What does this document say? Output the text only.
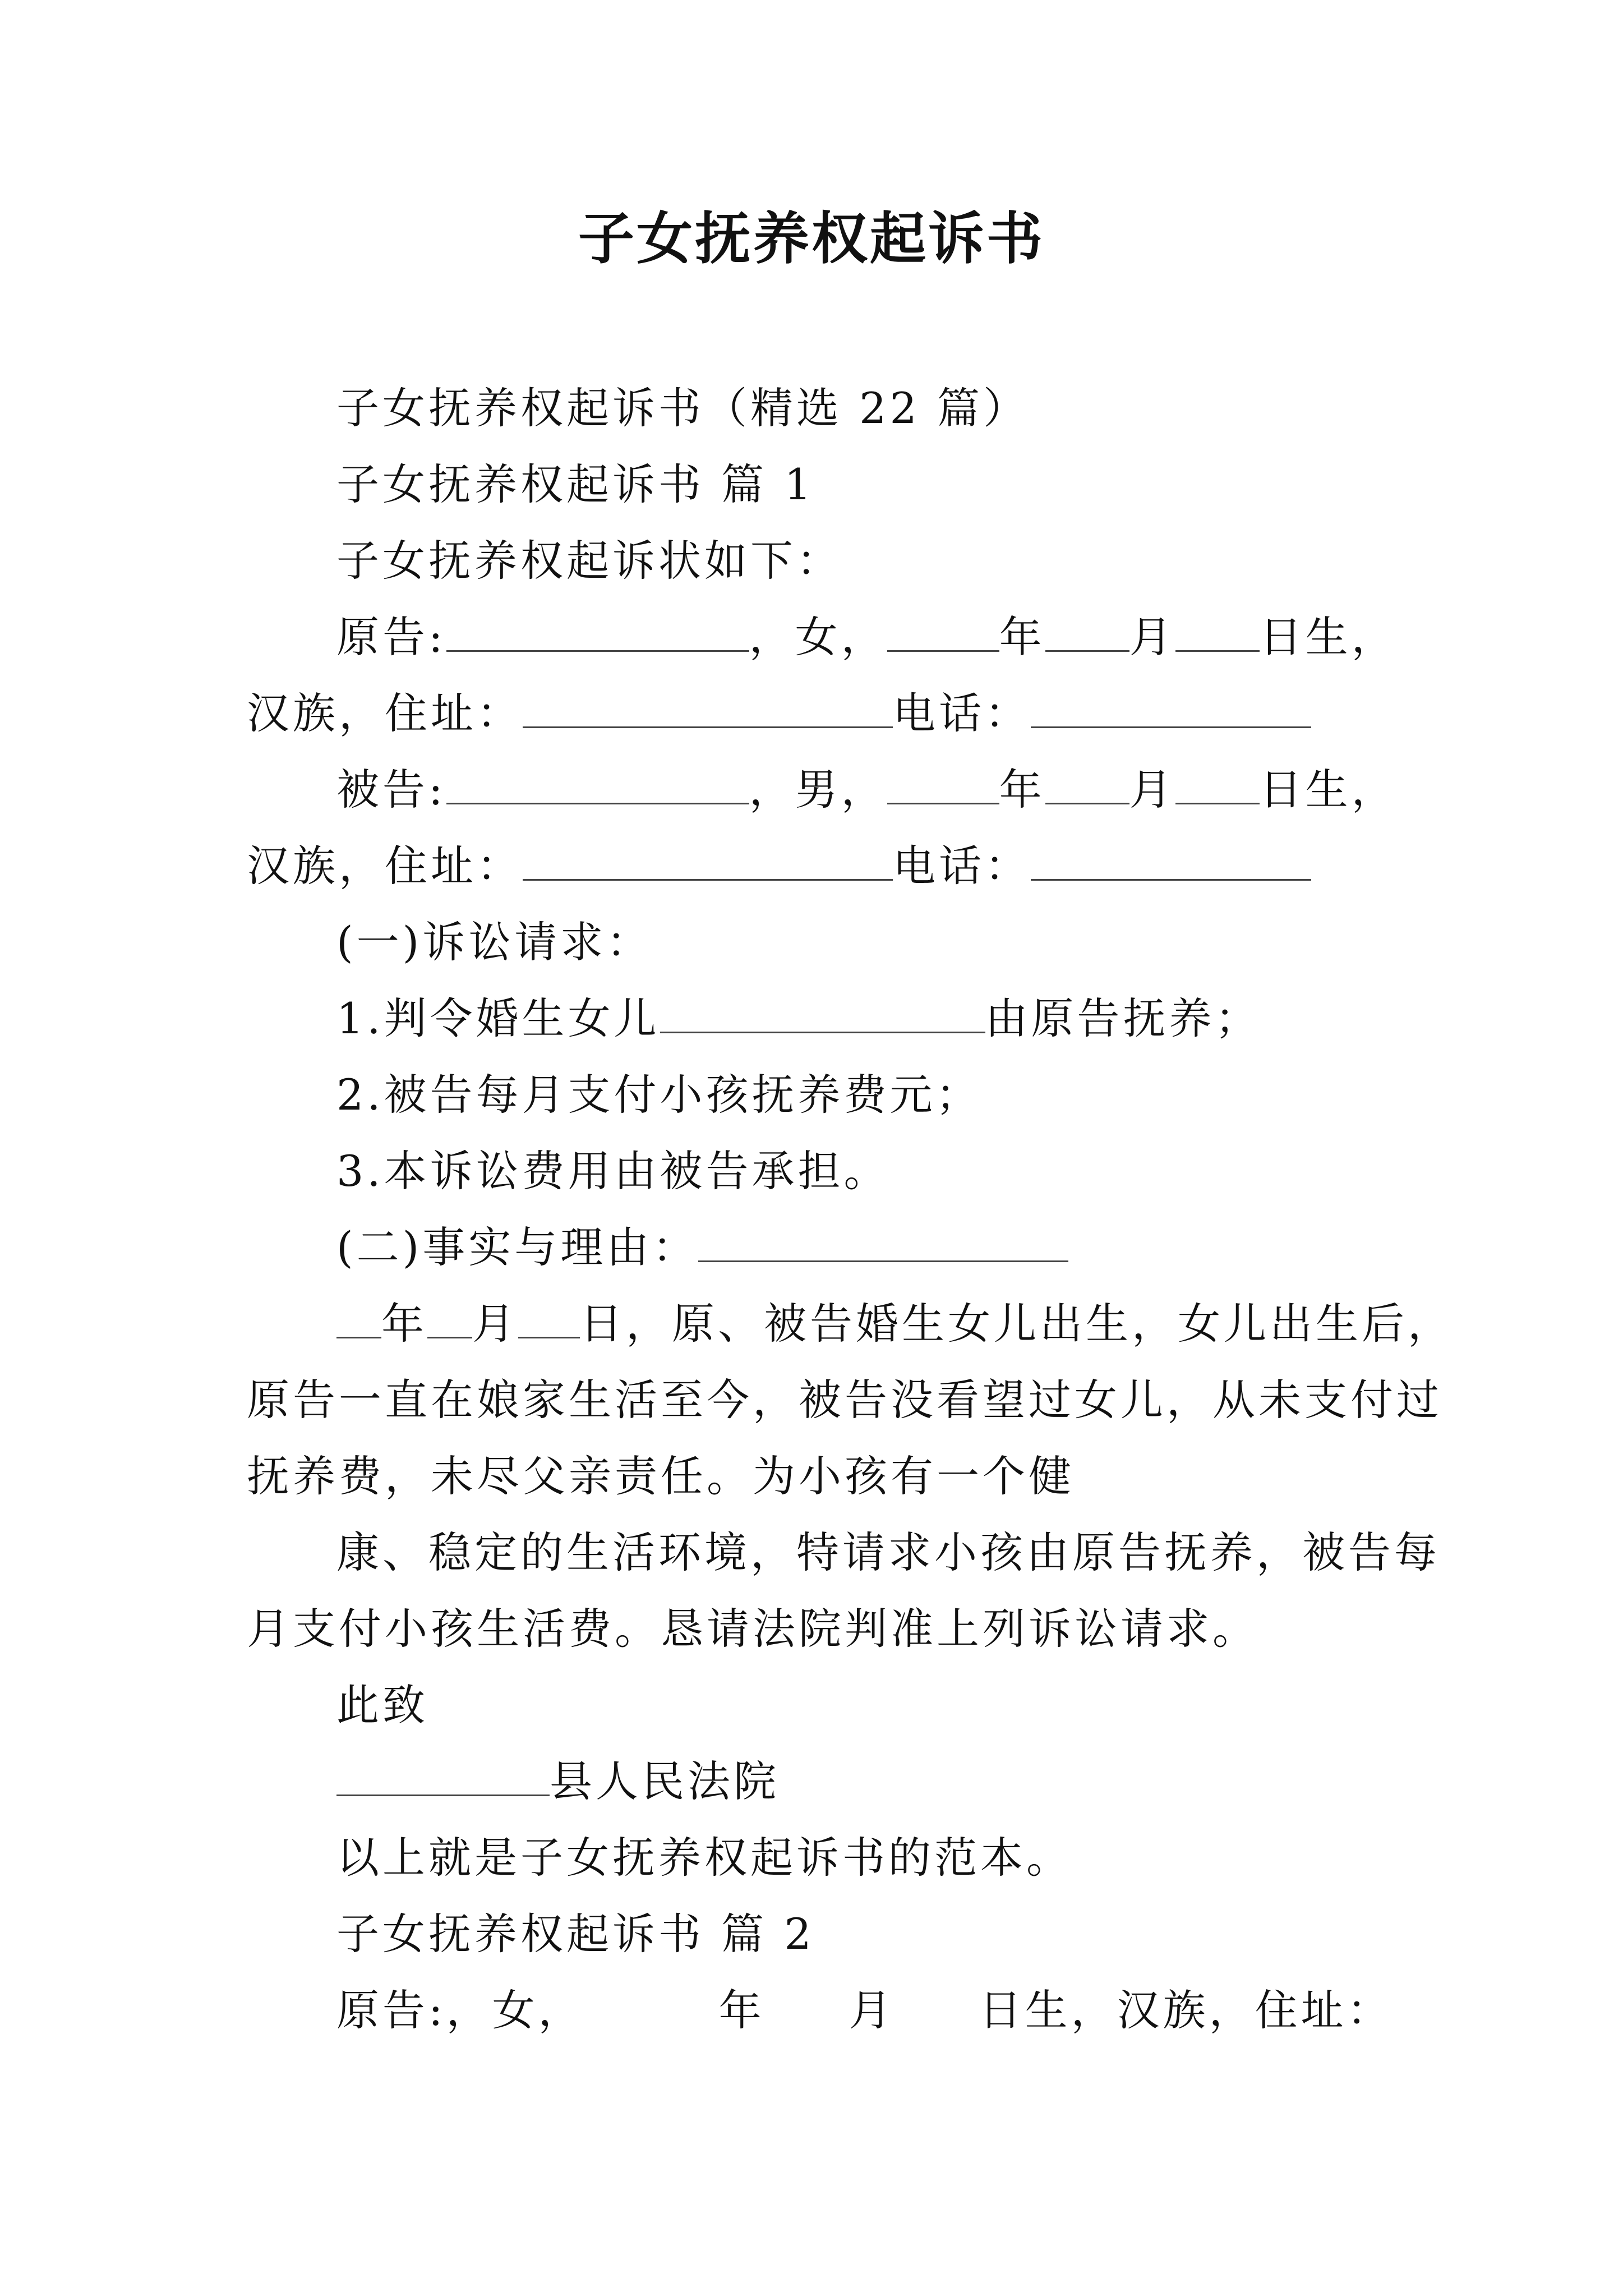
子女抚养权起诉书

子女抚养权起诉书（精选 22 篇）

子女抚养权起诉书 篇 1

子女抚养权起诉状如下：

原告:	，女，	年 月 日生，

汉族，住址：	电话：

被告:	，男，	年 月 日生，

汉族，住址：	电话：

(一)诉讼请求：

1.判令婚生女儿	由原告抚养；

2.被告每月支付小孩抚养费元；

3.本诉讼费用由被告承担。

(二)事实与理由：

年 月 日，原、被告婚生女儿出生，女儿出生后，

原告一直在娘家生活至今，被告没看望过女儿，从未支付过

抚养费，未尽父亲责任。为小孩有一个健

康、稳定的生活环境，特请求小孩由原告抚养，被告每

月支付小孩生活费。恳请法院判准上列诉讼请求。

此致

县人民法院

以上就是子女抚养权起诉书的范本。

子女抚养权起诉书 篇 2

原告:，女，	年 月 日生，汉族，住址：
